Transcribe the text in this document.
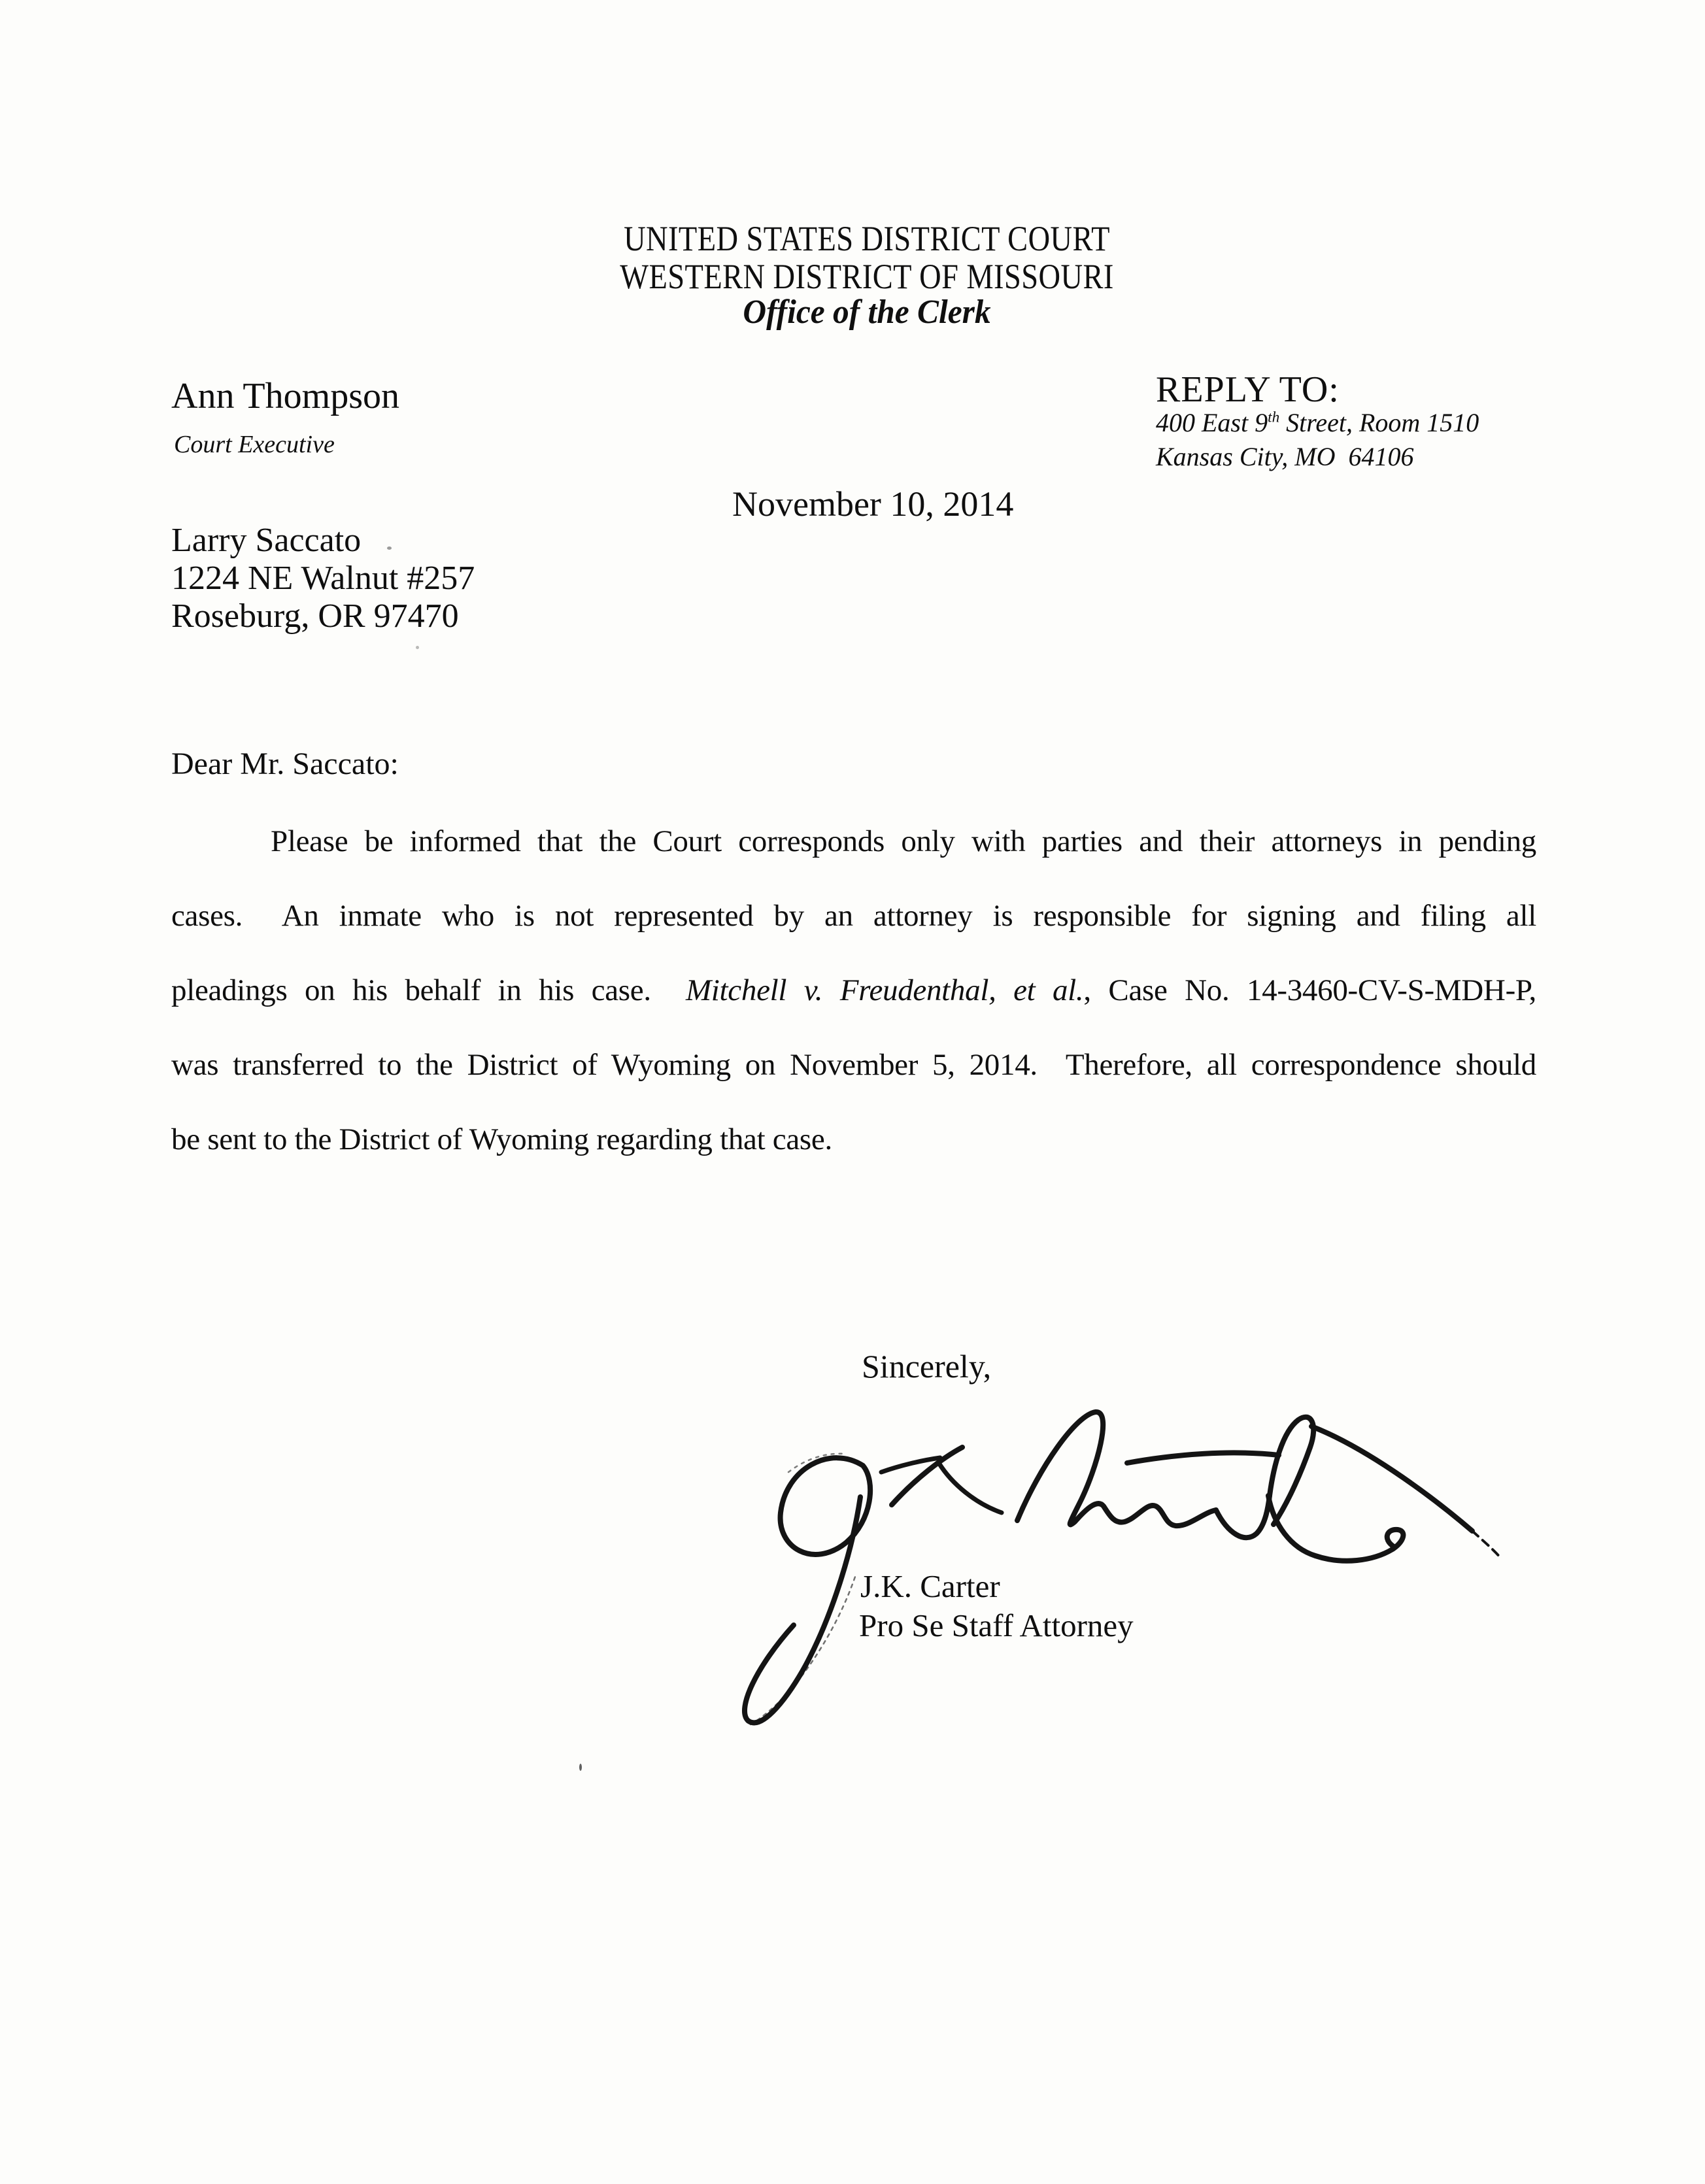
UNITED STATES DISTRICT COURT
WESTERN DISTRICT OF MISSOURI
Office of the Clerk
Ann Thompson
Court Executive
REPLY TO:
400 East 9th Street, Room 1510
Kansas City, MO  64106
November 10, 2014
Larry Saccato
1224 NE Walnut #257
Roseburg, OR 97470
Dear Mr. Saccato:
Please be informed that the Court corresponds only with parties and their attorneys in pending
cases.  An inmate who is not represented by an attorney is responsible for signing and filing all
pleadings on his behalf in his case.  Mitchell v. Freudenthal, et al., Case No. 14-3460-CV-S-MDH-P,
was transferred to the District of Wyoming on November 5, 2014.  Therefore, all correspondence should
be sent to the District of Wyoming regarding that case.
Sincerely,
J.K. Carter
Pro Se Staff Attorney
